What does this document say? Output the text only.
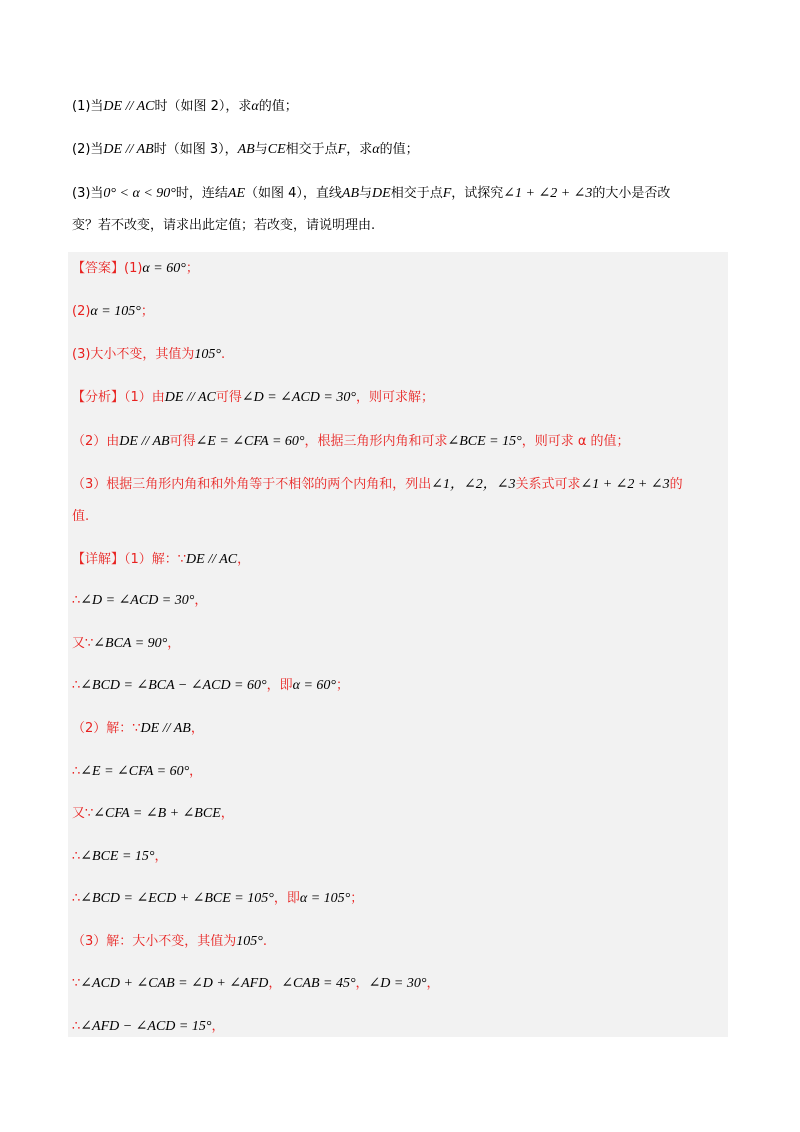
(1)当DE // AC时（如图 2），求α的值；
(2)当DE // AB时（如图 3），AB与CE相交于点F，求α的值；
(3)当0° < α < 90°时，连结AE（如图 4），直线AB与DE相交于点F，试探究∠1 + ∠2 + ∠3的大小是否改
变？若不改变，请求出此定值；若改变，请说明理由.
【答案】(1)α = 60°；
(2)α = 105°；
(3)大小不变，其值为105°.
【分析】（1）由DE // AC可得∠D = ∠ACD = 30°，则可求解；
（2）由DE // AB可得∠E = ∠CFA = 60°，根据三角形内角和可求∠BCE = 15°，则可求 α 的值；
（3）根据三角形内角和和外角等于不相邻的两个内角和，列出∠1，∠2，∠3关系式可求∠1 + ∠2 + ∠3的
值.
【详解】（1）解：∵DE // AC，
∴∠D = ∠ACD = 30°，
又∵∠BCA = 90°，
∴∠BCD = ∠BCA − ∠ACD = 60°，即α = 60°；
（2）解：∵DE // AB，
∴∠E = ∠CFA = 60°，
又∵∠CFA = ∠B + ∠BCE，
∴∠BCE = 15°，
∴∠BCD = ∠ECD + ∠BCE = 105°，即α = 105°；
（3）解：大小不变，其值为105°.
∵∠ACD + ∠CAB = ∠D + ∠AFD，∠CAB = 45°，∠D = 30°，
∴∠AFD − ∠ACD = 15°，
